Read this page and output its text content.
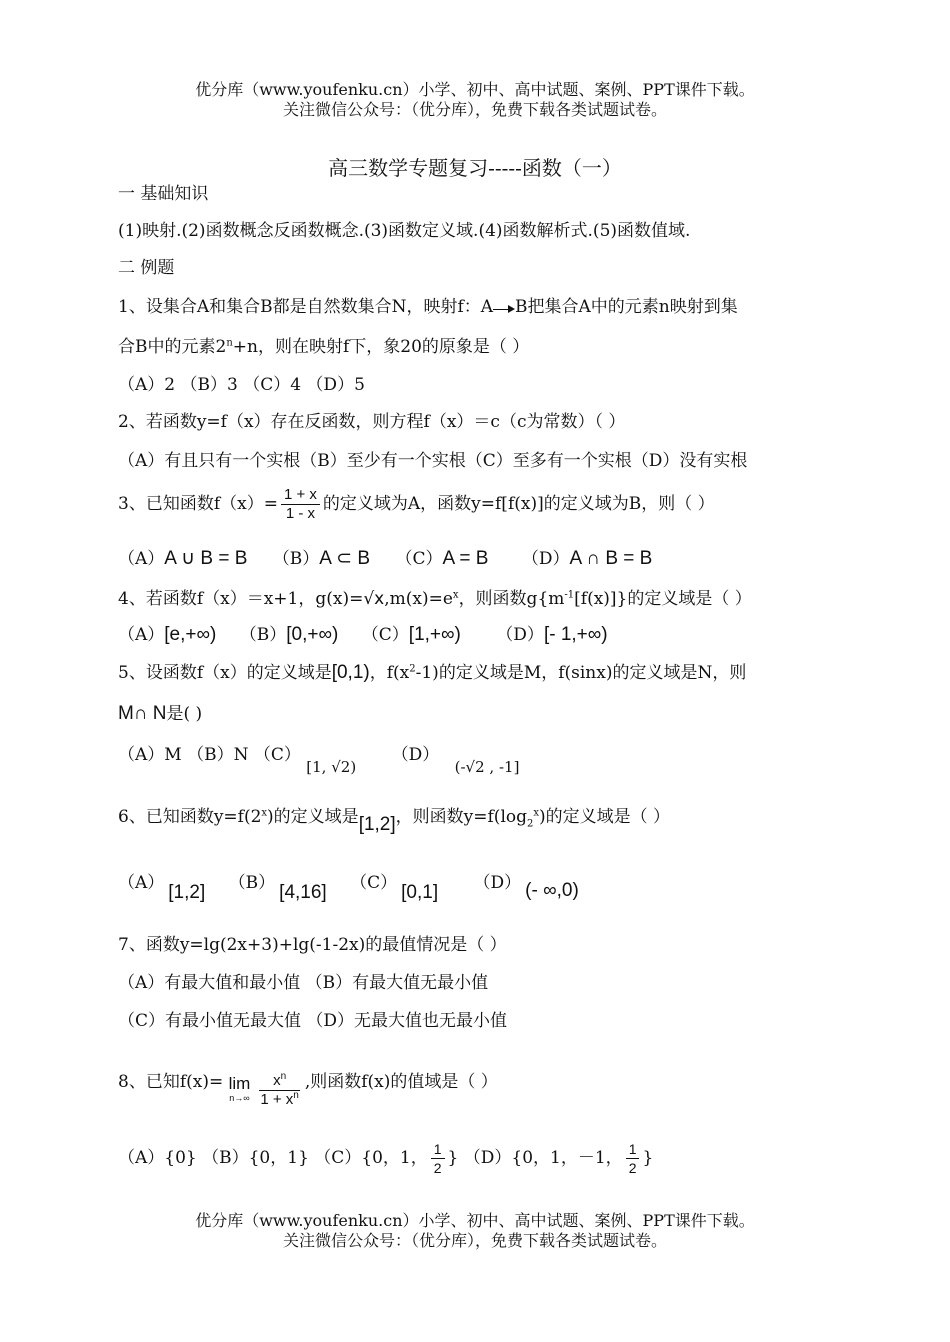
优分库（www.youfenku.cn）小学、初中、高中试题、案例、PPT课件下载。
关注微信公众号：（优分库），免费下载各类试题试卷。
高三数学专题复习-----函数（一）
一 基础知识
(1)映射.(2)函数概念反函数概念.(3)函数定义域.(4)函数解析式.(5)函数值域.
二 例题
1、设集合A和集合B都是自然数集合N，映射f：A B把集合A中的元素n映射到集
合B中的元素$2^n+n$，则在映射f下，象20的原象是（ ）
（A）2 （B）3 （C）4 （D）5
2、若函数y=f（x）存在反函数，则方程f（x）＝c（c为常数）（ ）
（A）有且只有一个实根（B）至少有一个实根（C）至多有一个实根（D）没有实根
3、已知函数$f(x)= \frac{1 + x}{1 - x}$ 的定义域为A，函数y=f[f(x)]的定义域为B，则（ ）
（A）A ∪ B = B （B）A ⊂ B （C）A = B （D）A ∩ B = B
4、若函数f（x）＝x+1，$g(x)=√x,m(x)=e^x$，则函数$g\{m^{-1}[f(x)]\}$的定义域是（ ）
（A）[e,+∞) （B）[0,+∞) （C）[1,+∞) （D）[- 1,+∞)
5、设函数f（x）的定义域是[0,1)，$f(x^2-1)$的定义域是M，f(sinx)的定义域是N，则
M∩ N是( )
（A）M （B）N （C） [1, √2) （D） (-√2 , -1]
6、已知函数$y=f(2^x)$的定义域是[1,2]，则函数$y=f(\log_2^x)$的定义域是（ ）
（A） [1,2] （B） [4,16] （C） [0,1] （D） (- ∞,0)
7、函数y=lg(2x+3)+lg(-1-2x)的最值情况是（ ）
（A）有最大值和最小值 （B）有最大值无最小值
（C）有最小值无最大值 （D）无最大值也无最小值
8、已知f(x)= lim
$n\to\infty \frac{x^n}{1 + x^n}$ ,则函数f(x)的值域是（ ）
（A）{0} （B）{0，1} （C）{0，1， $\frac{1}{2}$ } （D）{0，1，－1， $\frac{1}{2}$ }
优分库（www.youfenku.cn）小学、初中、高中试题、案例、PPT课件下载。
关注微信公众号：（优分库），免费下载各类试题试卷。
